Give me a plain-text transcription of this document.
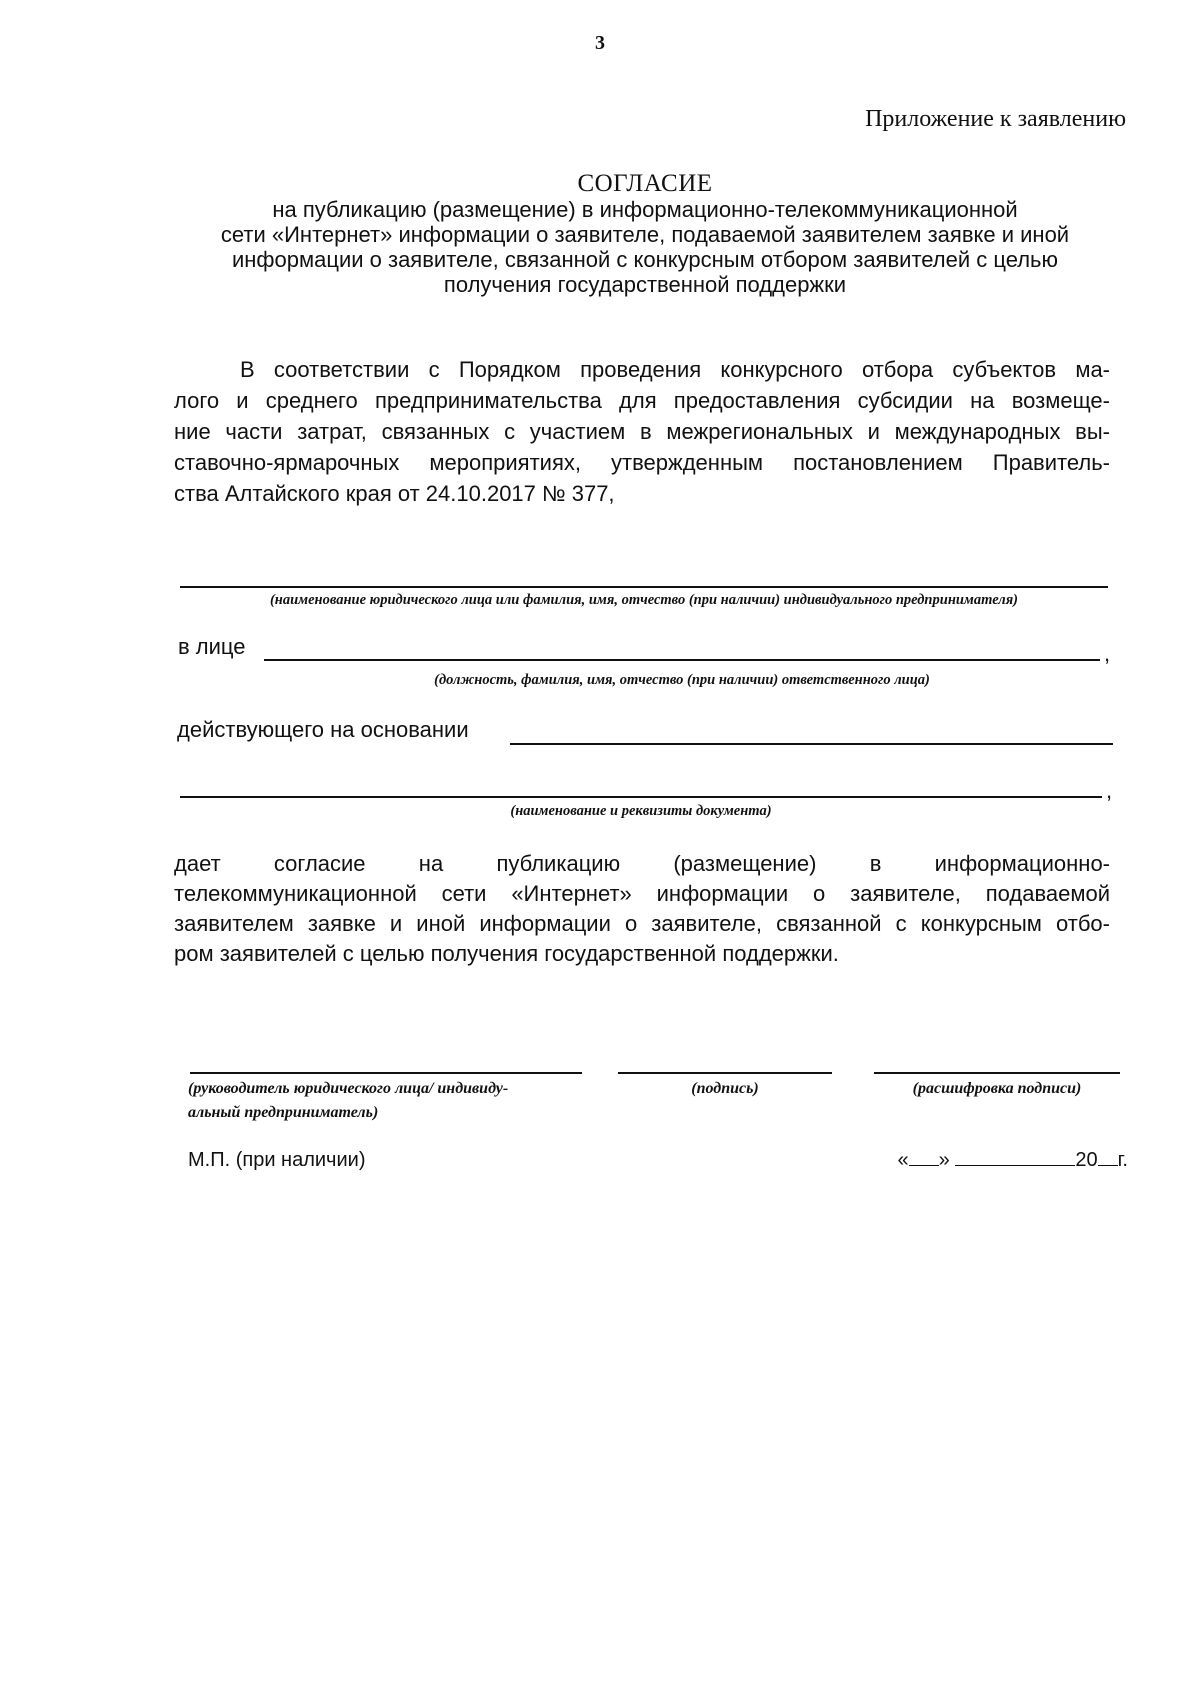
3
Приложение к заявлению
СОГЛАСИЕ
на публикацию (размещение) в информационно-телекоммуникационной
сети «Интернет» информации о заявителе, подаваемой заявителем заявке и иной
информации о заявителе, связанной с конкурсным отбором заявителей с целью
получения государственной поддержки
В соответствии с Порядком проведения конкурсного отбора субъектов ма-
лого и среднего предпринимательства для предоставления субсидии на возмеще-
ние части затрат, связанных с участием в межрегиональных и международных вы-
ставочно-ярмарочных мероприятиях, утвержденным постановлением Правитель-
ства Алтайского края от 24.10.2017 № 377,
(наименование юридического лица или фамилия, имя, отчество (при наличии) индивидуального предпринимателя)
в лице	,
(должность, фамилия, имя, отчество (при наличии) ответственного лица)
действующего на основании
,
(наименование и реквизиты документа)
дает согласие на публикацию (размещение) в информационно-
телекоммуникационной сети «Интернет» информации о заявителе, подаваемой
заявителем заявке и иной информации о заявителе, связанной с конкурсным отбо-
ром заявителей с целью получения государственной поддержки.
(руководитель юридического лица/ индивиду-
альный предприниматель)
(подпись)	(расшифровка подписи)
М.П. (при наличии)	« »	20 г.
